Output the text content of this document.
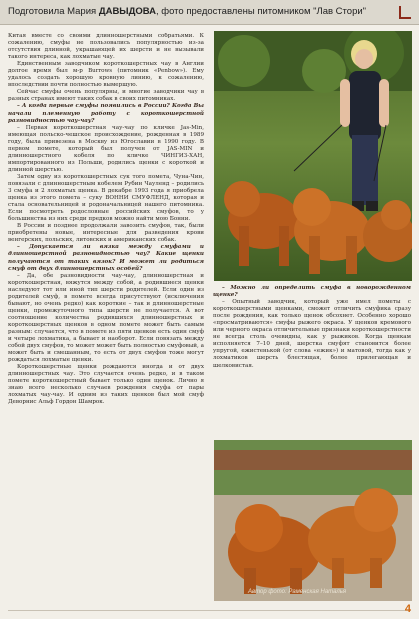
Подготовила Мария ДАВЫДОВА, фото предоставлены питомником "Лав Стори"

Китая вместе со своими длинношерстными собратьями. К сожалению, смуфы не пользовались популярностью из-за отсутствия длинной, украшающей их шерсти и не вызывали такого интереса, как лохматые чау.

Единственным заводчиком короткошерстных чау в Англии долгое время был м-р Burrows (питомник «Penbow»). Ему удалось создать хорошую кровную линию, к сожалению, впоследствии почти полностью вымершую.

Сейчас смуфы очень популярны, и многие заводчики чау в разных странах имеют таких собак в своих питомниках.

– А когда первые смуфы появились в России? Когда Вы начали племенную работу с короткошерстной разновидностью чау-чау?

– Первая короткошерстная чау-чау по кличке Jas-Min, имеющая польско-чешское происхождение, рожденная в 1989 году, была привезена в Москву из Югославии в 1990 году. В первом помете, который был получен от JAS-MIN и длинношерстного кобеля по кличке ЧИНГИЗ-ХАН, импортированного из Польши, родились щенки с короткой и длинной шерстью.

Затем одну из короткошерстных сук того помета, Чуна-Чин, повязали с длинношерстным кобелем Рубин Чауленд – родились 3 смуфа и 2 лохматых щенка. В декабре 1993 года я приобрела щенка из этого помета – суку ВОННИ СМУФЛЕНД, которая и стала основательницей и родоначальницей нашего питомника. Если посмотреть родословные российских смуфов, то у большинства из них среди предков можно найти мою Бонни.

В России и позднее продолжали завозить смуфов, так, были приобретены новые, интересные для разведения крови венгерских, польских, литовских и американских собак.

– Допускается ли вязка между смуфами и длинношерстной разновидностью чау? Какие щенки получаются от таких вязок? И может ли родиться смуф от двух длинношерстных особей?

– Да, обе разновидности чау-чау, длинношерстная и короткошерстная, вяжутся между собой, а родившиеся щенки наследуют тот или иной тип шерсти родителей. Если один из родителей смуф, в помете всегда присутствуют (исключения бывают, но очень редко) как короткие – так и длинношерстные щенки, промежуточного типа шерсти не получается. А вот соотношение количества родившихся длинношерстных и короткошерстных щенков в одном помете может быть самым разным: случается, что в помете из пяти щенков есть один смуф и четыре лохматика, а бывает и наоборот. Если повязать между собой двух смуфов, то может может быть полностью смуфовый, а может быть и смешанным, то есть от двух смуфов тоже могут рождаться лохматые щенки.

Короткошерстные щенки рождаются иногда и от двух длинношерстных чау. Это случается очень редко, и в таком помете короткошерстный бывает только один щенок. Лично я знаю всего несколько случаев рождения смуфа от пары лохматых чау-чау. И одним из таких щенков был мой смуф Деворнис Альф Гордон Шамрок.

– Можно ли определить смуфа в новорожденном щенке?

– Опытный заводчик, который уже имел пометы с короткошерстными щенками, сможет отличить смуфика сразу после рождения, как только щенок обсохнет. Особенно хорошо «просматриваются» смуфы рыжего окраса. У щенков кремового или черного окраса отличительные признаки короткошерстности не всегда столь очевидны, как у рыжиков. Когда щенкам исполняется 7–10 дней, шерстка смуфят становится более упругой, ежистенькой (от слова «ежик») и матовой, тогда как у лохматиков шерсть блестящая, более прилегающая и шелковистая.

Автор фото: Раменская Наталья
4
